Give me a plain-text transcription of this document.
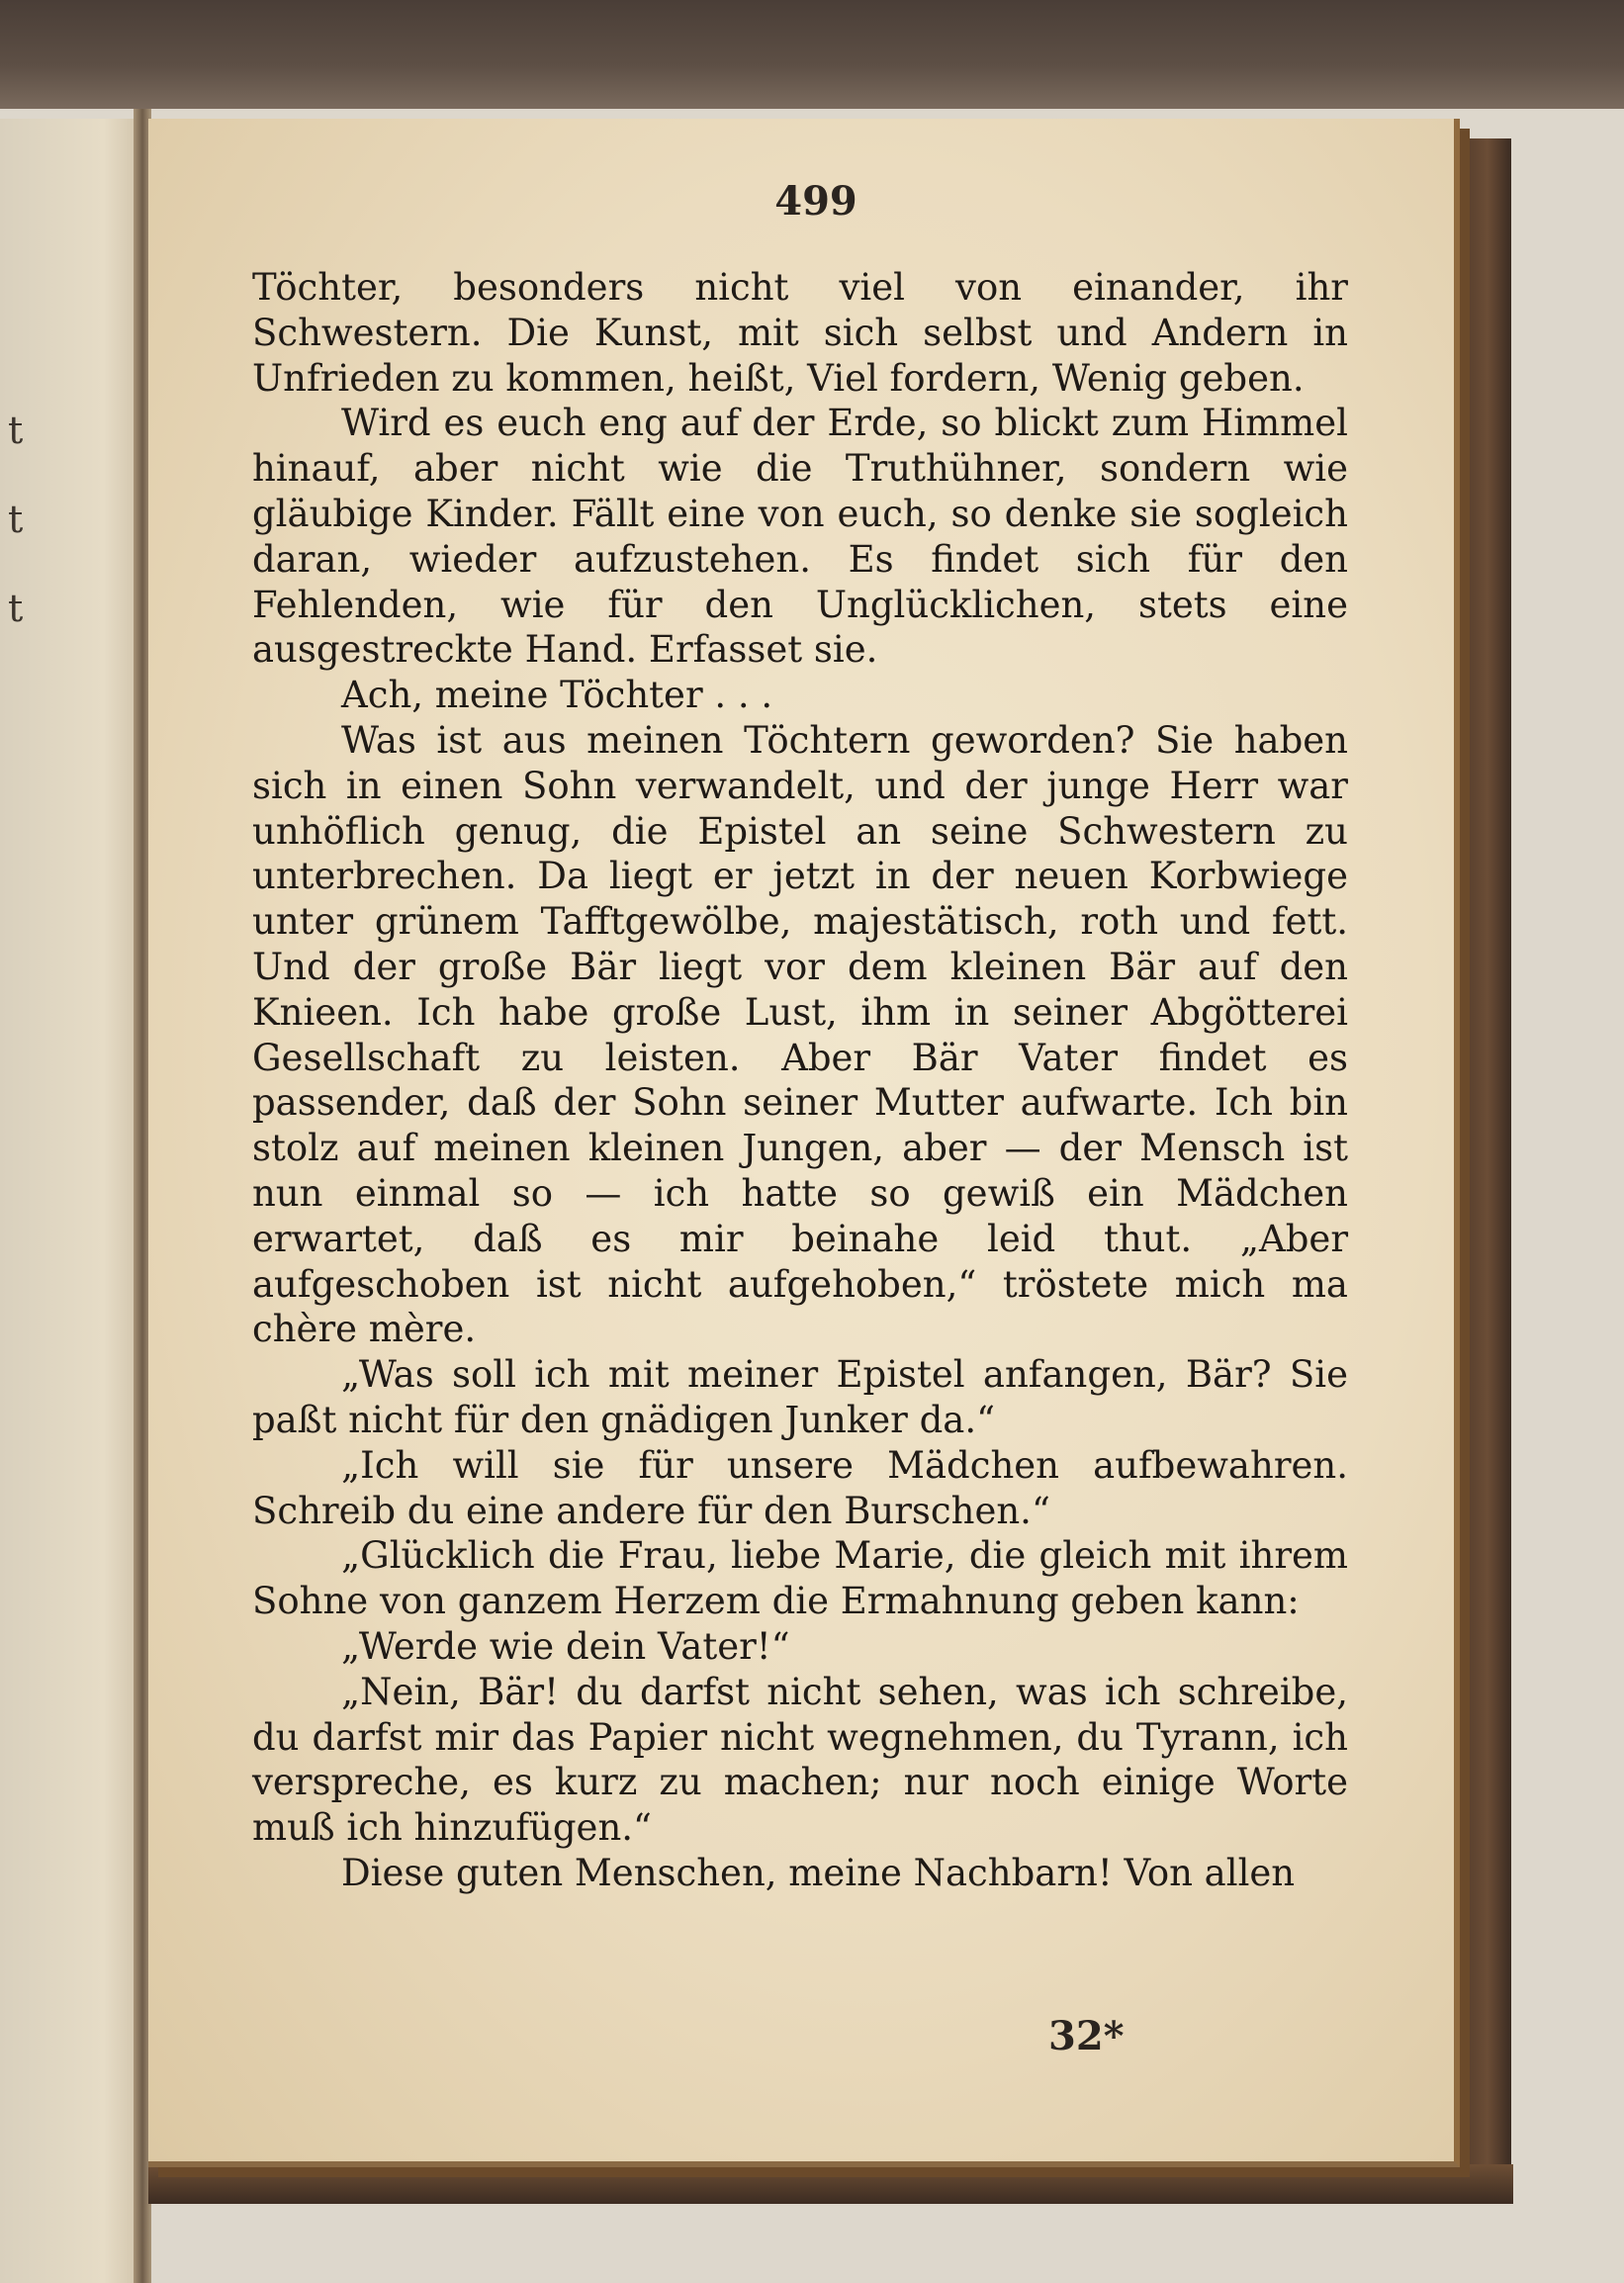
t
t
t
499

Töchter, besonders nicht viel von einander, ihr Schwestern. Die Kunst, mit sich selbst und Andern in Unfrieden zu kommen, heißt, Viel fordern, Wenig geben.

Wird es euch eng auf der Erde, so blickt zum Himmel hinauf, aber nicht wie die Truthühner, sondern wie gläubige Kinder. Fällt eine von euch, so denke sie sogleich daran, wieder aufzustehen. Es findet sich für den Fehlenden, wie für den Unglücklichen, stets eine ausgestreckte Hand. Erfasset sie.

Ach, meine Töchter . . .

Was ist aus meinen Töchtern geworden? Sie haben sich in einen Sohn verwandelt, und der junge Herr war unhöflich genug, die Epistel an seine Schwestern zu unterbrechen. Da liegt er jetzt in der neuen Korbwiege unter grünem Tafftgewölbe, majestätisch, roth und fett. Und der große Bär liegt vor dem kleinen Bär auf den Knieen. Ich habe große Lust, ihm in seiner Abgötterei Gesellschaft zu leisten. Aber Bär Vater findet es passender, daß der Sohn seiner Mutter aufwarte. Ich bin stolz auf meinen kleinen Jungen, aber — der Mensch ist nun einmal so — ich hatte so gewiß ein Mädchen erwartet, daß es mir beinahe leid thut. „Aber aufgeschoben ist nicht aufgehoben,“ tröstete mich ma chère mère.

„Was soll ich mit meiner Epistel anfangen, Bär? Sie paßt nicht für den gnädigen Junker da.“

„Ich will sie für unsere Mädchen aufbewahren. Schreib du eine andere für den Burschen.“

„Glücklich die Frau, liebe Marie, die gleich mit ihrem Sohne von ganzem Herzem die Ermahnung geben kann:

„Werde wie dein Vater!“

„Nein, Bär! du darfst nicht sehen, was ich schreibe, du darfst mir das Papier nicht wegnehmen, du Tyrann, ich verspreche, es kurz zu machen; nur noch einige Worte muß ich hinzufügen.“

Diese guten Menschen, meine Nachbarn! Von allen

32*
